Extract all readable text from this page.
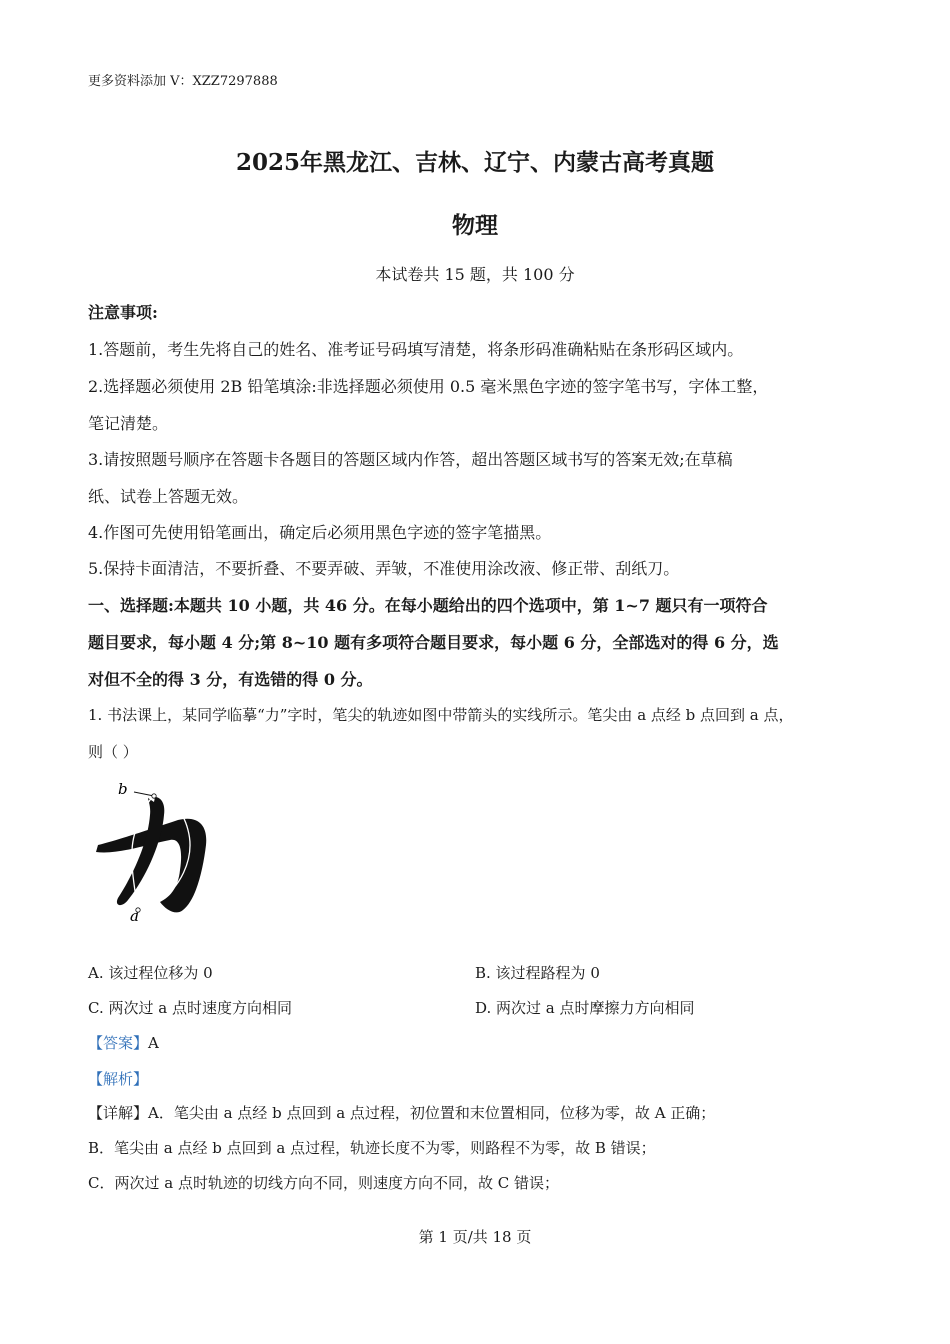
更多资料添加 V：XZZ7297888
2025年黑龙江、吉林、辽宁、内蒙古高考真题
物理
本试卷共 15 题，共 100 分
注意事项:
1.答题前，考生先将自己的姓名、准考证号码填写清楚，将条形码准确粘贴在条形码区域内。
2.选择题必须使用 2B 铅笔填涂:非选择题必须使用 0.5 毫米黑色字迹的签字笔书写，字体工整，
笔记清楚。
3.请按照题号顺序在答题卡各题目的答题区域内作答，超出答题区域书写的答案无效;在草稿
纸、试卷上答题无效。
4.作图可先使用铅笔画出，确定后必须用黑色字迹的签字笔描黑。
5.保持卡面清洁，不要折叠、不要弄破、弄皱，不准使用涂改液、修正带、刮纸刀。
一、选择题:本题共 10 小题，共 46 分。在每小题给出的四个选项中，第 1~7 题只有一项符合
题目要求，每小题 4 分;第 8~10 题有多项符合题目要求，每小题 6 分，全部选对的得 6 分，选
对但不全的得 3 分，有选错的得 0 分。
1. 书法课上，某同学临摹“力”字时，笔尖的轨迹如图中带箭头的实线所示。笔尖由 a 点经 b 点回到 a 点，
则（ ）
b
a
A. 该过程位移为 0	B. 该过程路程为 0
C. 两次过 a 点时速度方向相同	D. 两次过 a 点时摩擦力方向相同
【答案】A
【解析】
【详解】A．笔尖由 a 点经 b 点回到 a 点过程，初位置和末位置相同，位移为零，故 A 正确；
B．笔尖由 a 点经 b 点回到 a 点过程，轨迹长度不为零，则路程不为零，故 B 错误；
C．两次过 a 点时轨迹的切线方向不同，则速度方向不同，故 C 错误；
第 1 页/共 18 页
